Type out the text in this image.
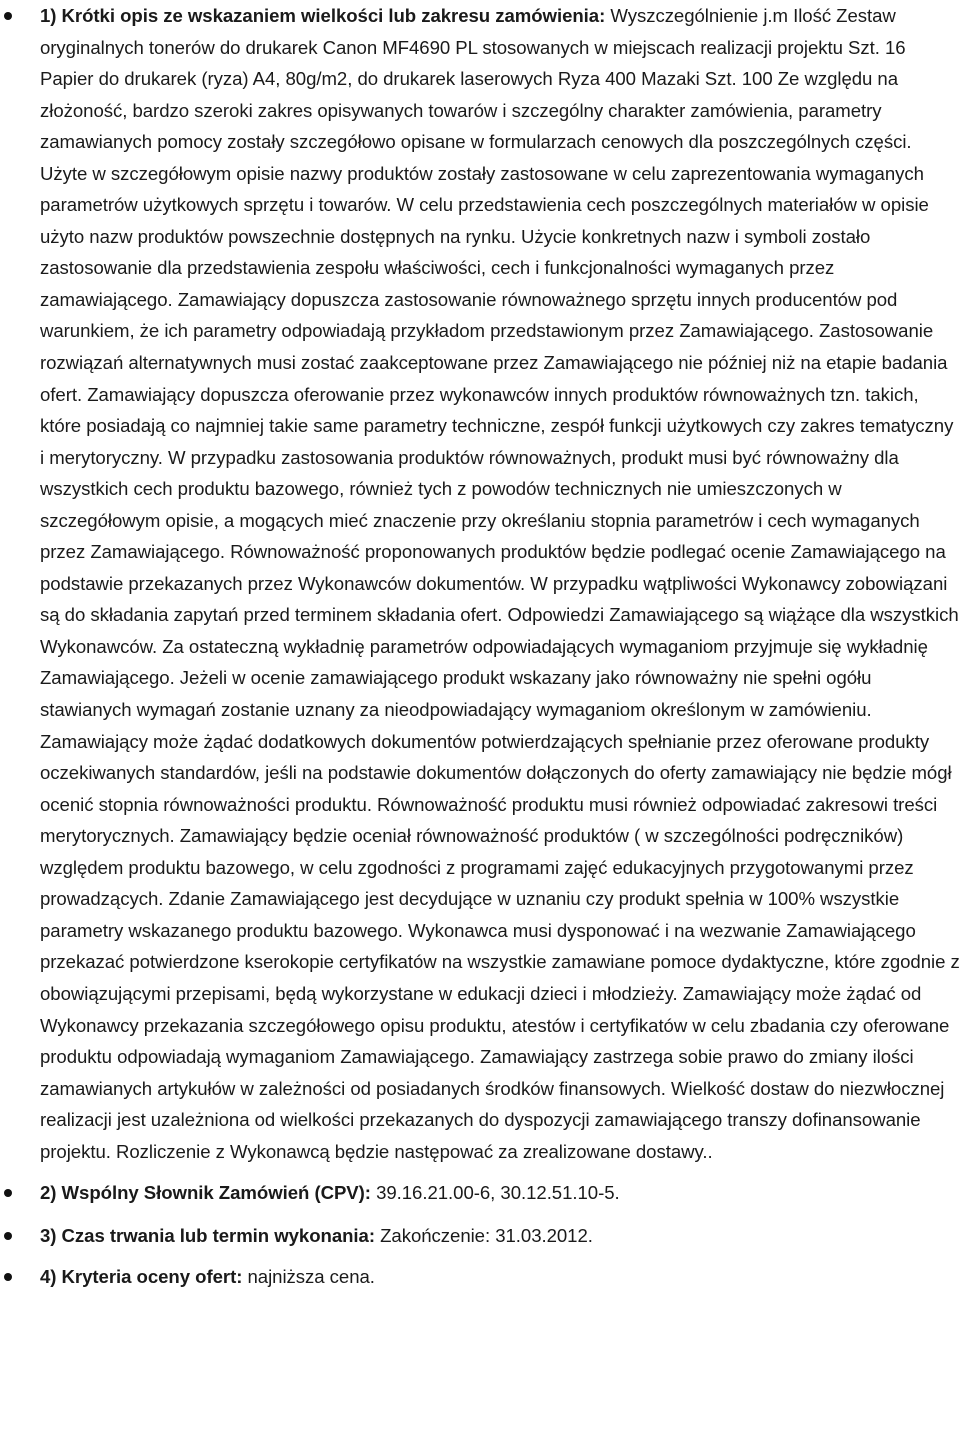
1) Krótki opis ze wskazaniem wielkości lub zakresu zamówienia: Wyszczególnienie j.m Ilość Zestaw oryginalnych tonerów do drukarek Canon MF4690 PL stosowanych w miejscach realizacji projektu Szt. 16 Papier do drukarek (ryza) A4, 80g/m2, do drukarek laserowych Ryza 400 Mazaki Szt. 100 Ze względu na złożoność, bardzo szeroki zakres opisywanych towarów i szczególny charakter zamówienia, parametry zamawianych pomocy zostały szczegółowo opisane w formularzach cenowych dla poszczególnych części. Użyte w szczegółowym opisie nazwy produktów zostały zastosowane w celu zaprezentowania wymaganych parametrów użytkowych sprzętu i towarów. W celu przedstawienia cech poszczególnych materiałów w opisie użyto nazw produktów powszechnie dostępnych na rynku. Użycie konkretnych nazw i symboli zostało zastosowanie dla przedstawienia zespołu właściwości, cech i funkcjonalności wymaganych przez zamawiającego. Zamawiający dopuszcza zastosowanie równoważnego sprzętu innych producentów pod warunkiem, że ich parametry odpowiadają przykładom przedstawionym przez Zamawiającego. Zastosowanie rozwiązań alternatywnych musi zostać zaakceptowane przez Zamawiającego nie później niż na etapie badania ofert. Zamawiający dopuszcza oferowanie przez wykonawców innych produktów równoważnych tzn. takich, które posiadają co najmniej takie same parametry techniczne, zespół funkcji użytkowych czy zakres tematyczny i merytoryczny. W przypadku zastosowania produktów równoważnych, produkt musi być równoważny dla wszystkich cech produktu bazowego, również tych z powodów technicznych nie umieszczonych w szczegółowym opisie, a mogących mieć znaczenie przy określaniu stopnia parametrów i cech wymaganych przez Zamawiającego. Równoważność proponowanych produktów będzie podlegać ocenie Zamawiającego na podstawie przekazanych przez Wykonawców dokumentów. W przypadku wątpliwości Wykonawcy zobowiązani są do składania zapytań przed terminem składania ofert. Odpowiedzi Zamawiającego są wiążące dla wszystkich Wykonawców. Za ostateczną wykładnię parametrów odpowiadających wymaganiom przyjmuje się wykładnię Zamawiającego. Jeżeli w ocenie zamawiającego produkt wskazany jako równoważny nie spełni ogółu stawianych wymagań zostanie uznany za nieodpowiadający wymaganiom określonym w zamówieniu. Zamawiający może żądać dodatkowych dokumentów potwierdzających spełnianie przez oferowane produkty oczekiwanych standardów, jeśli na podstawie dokumentów dołączonych do oferty zamawiający nie będzie mógł ocenić stopnia równoważności produktu. Równoważność produktu musi również odpowiadać zakresowi treści merytorycznych. Zamawiający będzie oceniał równoważność produktów ( w szczególności podręczników) względem produktu bazowego, w celu zgodności z programami zajęć edukacyjnych przygotowanymi przez prowadzących. Zdanie Zamawiającego jest decydujące w uznaniu czy produkt spełnia w 100% wszystkie parametry wskazanego produktu bazowego. Wykonawca musi dysponować i na wezwanie Zamawiającego przekazać potwierdzone kserokopie certyfikatów na wszystkie zamawiane pomoce dydaktyczne, które zgodnie z obowiązującymi przepisami, będą wykorzystane w edukacji dzieci i młodzieży. Zamawiający może żądać od Wykonawcy przekazania szczegółowego opisu produktu, atestów i certyfikatów w celu zbadania czy oferowane produktu odpowiadają wymaganiom Zamawiającego. Zamawiający zastrzega sobie prawo do zmiany ilości zamawianych artykułów w zależności od posiadanych środków finansowych. Wielkość dostaw do niezwłocznej realizacji jest uzależniona od wielkości przekazanych do dyspozycji zamawiającego transzy dofinansowanie projektu. Rozliczenie z Wykonawcą będzie następować za zrealizowane dostawy..
2) Wspólny Słownik Zamówień (CPV): 39.16.21.00-6, 30.12.51.10-5.
3) Czas trwania lub termin wykonania: Zakończenie: 31.03.2012.
4) Kryteria oceny ofert: najniższa cena.
